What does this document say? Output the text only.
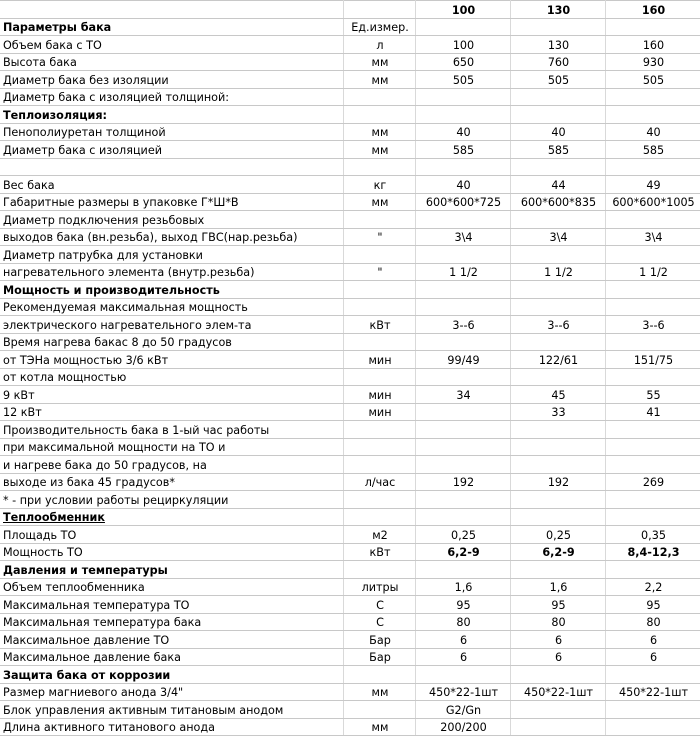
		100	130	160
Параметры бака	Ед.измер.			
Объем бака с ТО	л	100	130	160
Высота бака	мм	650	760	930
Диаметр бака без изоляции	мм	505	505	505
Диаметр бака с изоляцией толщиной:				
Теплоизоляция:				
Пенополиуретан толщиной	мм	40	40	40
Диаметр бака с изоляцией	мм	585	585	585

Вес бака	кг	40	44	49
Габаритные размеры в упаковке Г*Ш*В	мм	600*600*725	600*600*835	600*600*1005
Диаметр подключения резьбовых				
выходов бака (вн.резьба), выход ГВС(нар.резьба)	"	3\4	3\4	3\4
Диаметр патрубка для установки				
нагревательного элемента (внутр.резьба)	"	1 1/2	1 1/2	1 1/2
Мощность и производительность				
Рекомендуемая максимальная мощность				
электрического нагревательного элем-та	кВт	3--6	3--6	3--6
Время нагрева бакас 8 до 50 градусов				
от ТЭНа мощностью 3/6 кВт	мин	99/49	122/61	151/75
от котла мощностью				
9 кВт	мин	34	45	55
12 кВт	мин		33	41
Производительность бака в 1-ый час работы				
при максимальной мощности на ТО и				
и нагреве бака до 50 градусов, на				
выходе из бака 45 градусов*	л/час	192	192	269
* - при условии работы рециркуляции				
Теплообменник				
Площадь ТО	м2	0,25	0,25	0,35
Мощность ТО	кВт	6,2-9	6,2-9	8,4-12,3
Давления и температуры				
Объем теплообменника	литры	1,6	1,6	2,2
Максимальная температура ТО	С	95	95	95
Максимальная температура бака	С	80	80	80
Максимальное давление ТО	Бар	6	6	6
Максимальное давление бака	Бар	6	6	6
Защита бака от коррозии				
Размер магниевого анода 3/4"	мм	450*22-1шт	450*22-1шт	450*22-1шт
Блок управления активным титановым анодом		G2/Gn		
Длина активного титанового анода	мм	200/200		
